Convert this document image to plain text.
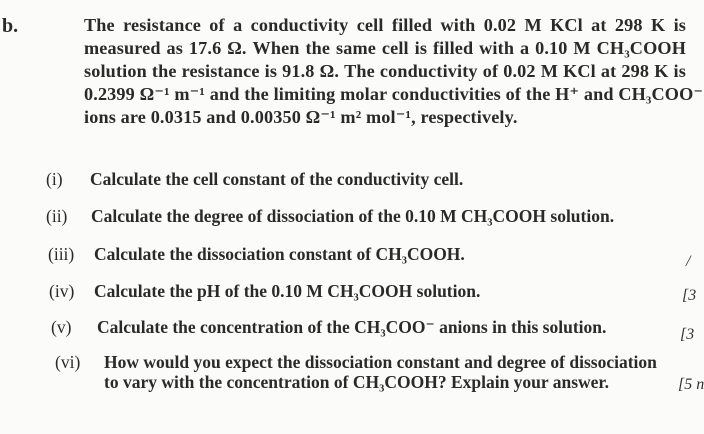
b.	The resistance of a conductivity cell filled with 0.02 M KCl at 298 K is
measured as 17.6 Ω. When the same cell is filled with a 0.10 M CH₃COOH
solution the resistance is 91.8 Ω. The conductivity of 0.02 M KCl at 298 K is
0.2399 Ω⁻¹ m⁻¹ and the limiting molar conductivities of the H⁺ and CH₃COO⁻
ions are 0.0315 and 0.00350 Ω⁻¹ m² mol⁻¹, respectively.
(i) Calculate the cell constant of the conductivity cell.
(ii) Calculate the degree of dissociation of the 0.10 M CH₃COOH solution.
(iii) Calculate the dissociation constant of CH₃COOH.
(iv) Calculate the pH of the 0.10 M CH₃COOH solution.
(v) Calculate the concentration of the CH₃COO⁻ anions in this solution.
(vi) How would you expect the dissociation constant and degree of dissociation
to vary with the concentration of CH₃COOH? Explain your answer.
/
[3
[3
[5 n
